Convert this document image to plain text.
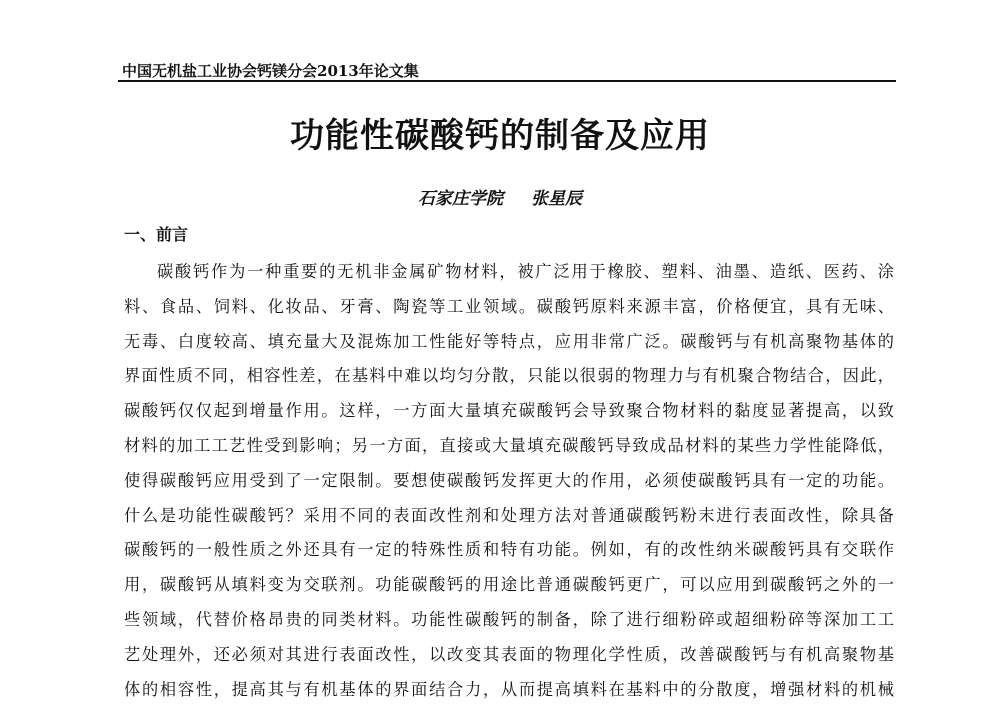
中国无机盐工业协会钙镁分会2013年论文集
功能性碳酸钙的制备及应用
石家庄学院 张星辰
一、前言
碳酸钙作为一种重要的无机非金属矿物材料，被广泛用于橡胶、塑料、油墨、造纸、医药、涂
料、食品、饲料、化妆品、牙膏、陶瓷等工业领域。碳酸钙原料来源丰富，价格便宜，具有无味、
无毒、白度较高、填充量大及混炼加工性能好等特点，应用非常广泛。碳酸钙与有机高聚物基体的
界面性质不同，相容性差，在基料中难以均匀分散，只能以很弱的物理力与有机聚合物结合，因此，
碳酸钙仅仅起到增量作用。这样，一方面大量填充碳酸钙会导致聚合物材料的黏度显著提高，以致
材料的加工工艺性受到影响；另一方面，直接或大量填充碳酸钙导致成品材料的某些力学性能降低，
使得碳酸钙应用受到了一定限制。要想使碳酸钙发挥更大的作用，必须使碳酸钙具有一定的功能。
什么是功能性碳酸钙？采用不同的表面改性剂和处理方法对普通碳酸钙粉末进行表面改性，除具备
碳酸钙的一般性质之外还具有一定的特殊性质和特有功能。例如，有的改性纳米碳酸钙具有交联作
用，碳酸钙从填料变为交联剂。功能碳酸钙的用途比普通碳酸钙更广，可以应用到碳酸钙之外的一
些领域，代替价格昂贵的同类材料。功能性碳酸钙的制备，除了进行细粉碎或超细粉碎等深加工工
艺处理外，还必须对其进行表面改性，以改变其表面的物理化学性质，改善碳酸钙与有机高聚物基
体的相容性，提高其与有机基体的界面结合力，从而提高填料在基料中的分散度，增强材料的机械
